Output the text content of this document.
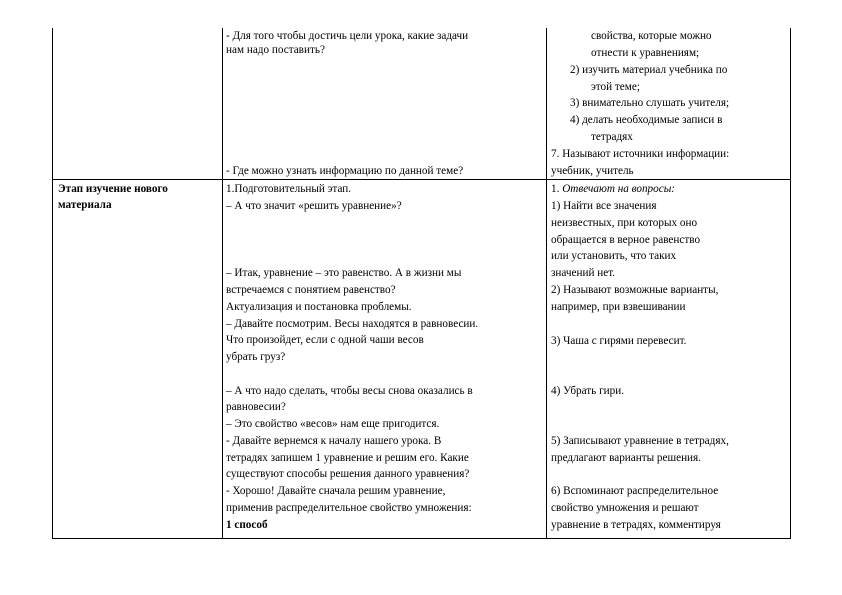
- Для того чтобы достичь цели урока, какие задачи
нам надо поставить?
- Где можно узнать информацию по данной теме?
свойства, которые можно
отнести к уравнениям;
2) изучить материал учебника по
этой теме;
3) внимательно слушать учителя;
4) делать необходимые записи в
тетрадях
7. Называют источники информации:
учебник, учитель
Этап изучение нового
материала
1.Подготовительный этап.
– А что значит «решить уравнение»?
– Итак, уравнение – это равенство. А в жизни мы
встречаемся с понятием равенство?
Актуализация и постановка проблемы.
– Давайте посмотрим. Весы находятся в равновесии.
Что произойдет, если с одной чаши весов
убрать груз?
– А что надо сделать, чтобы весы снова оказались в
равновесии?
– Это свойство «весов» нам еще пригодится.
- Давайте вернемся к началу нашего урока. В
тетрадях запишем 1 уравнение и решим его. Какие
существуют способы решения данного уравнения?
- Хорошо! Давайте сначала решим уравнение,
применив распределительное свойство умножения:
1 способ
1. Отвечают на вопросы:
1) Найти все значения
неизвестных, при которых оно
обращается в верное равенство
или установить, что таких
значений нет.
2) Называют возможные варианты,
например, при взвешивании
3) Чаша с гирями перевесит.
4) Убрать гири.
5) Записывают уравнение в тетрадях,
предлагают варианты решения.
6) Вспоминают распределительное
свойство умножения и решают
уравнение в тетрадях, комментируя
